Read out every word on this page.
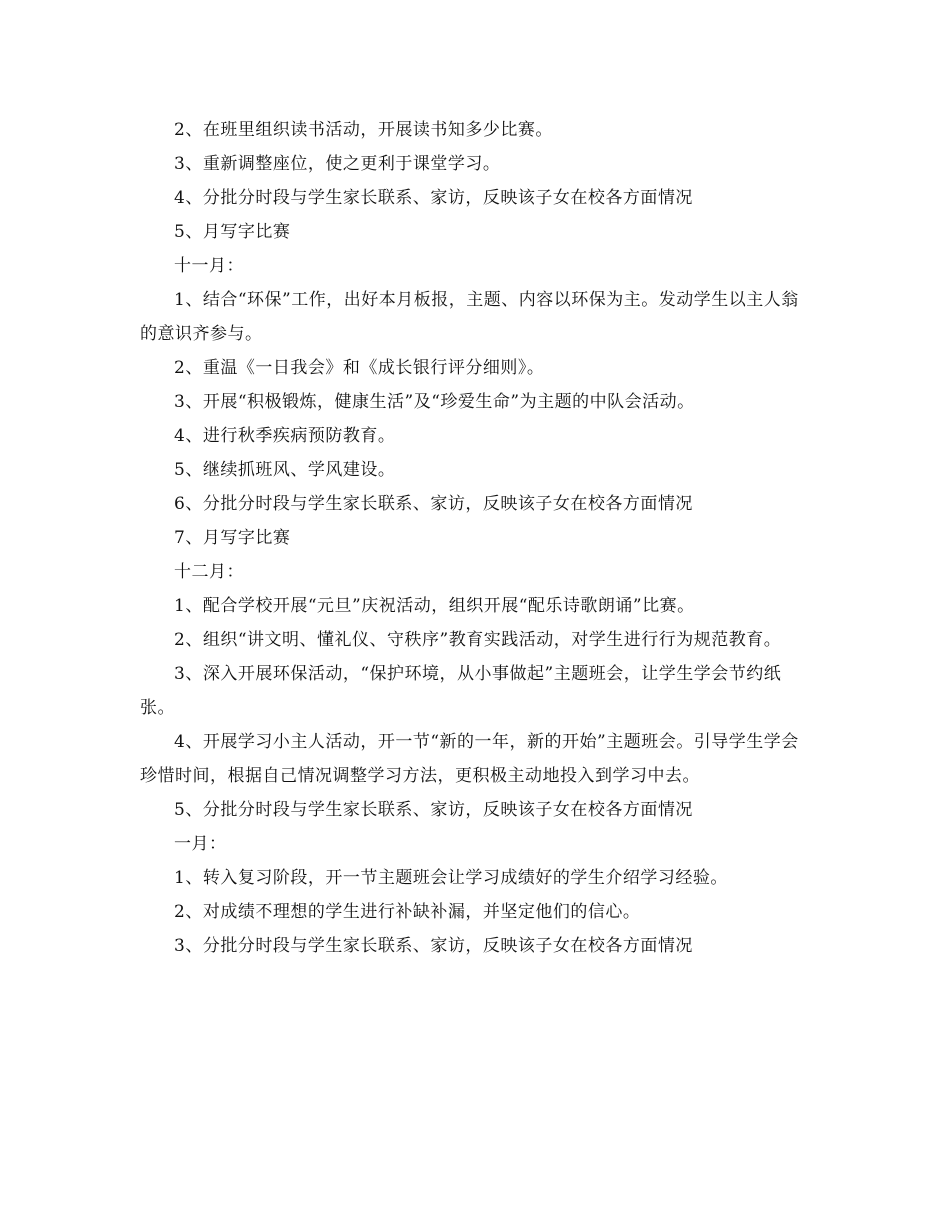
2、在班里组织读书活动，开展读书知多少比赛。

3、重新调整座位，使之更利于课堂学习。

4、分批分时段与学生家长联系、家访，反映该子女在校各方面情况

5、月写字比赛

十一月：

1、结合“环保”工作，出好本月板报，主题、内容以环保为主。发动学生以主人翁的意识齐参与。

2、重温《一日我会》和《成长银行评分细则》。

3、开展“积极锻炼，健康生活”及“珍爱生命”为主题的中队会活动。

4、进行秋季疾病预防教育。

5、继续抓班风、学风建设。

6、分批分时段与学生家长联系、家访，反映该子女在校各方面情况

7、月写字比赛

十二月：

1、配合学校开展“元旦”庆祝活动，组织开展“配乐诗歌朗诵”比赛。

2、组织“讲文明、懂礼仪、守秩序”教育实践活动，对学生进行行为规范教育。

3、深入开展环保活动，“保护环境，从小事做起”主题班会，让学生学会节约纸张。

4、开展学习小主人活动，开一节“新的一年，新的开始”主题班会。引导学生学会珍惜时间，根据自己情况调整学习方法，更积极主动地投入到学习中去。

5、分批分时段与学生家长联系、家访，反映该子女在校各方面情况

一月：

1、转入复习阶段，开一节主题班会让学习成绩好的学生介绍学习经验。

2、对成绩不理想的学生进行补缺补漏，并坚定他们的信心。

3、分批分时段与学生家长联系、家访，反映该子女在校各方面情况
